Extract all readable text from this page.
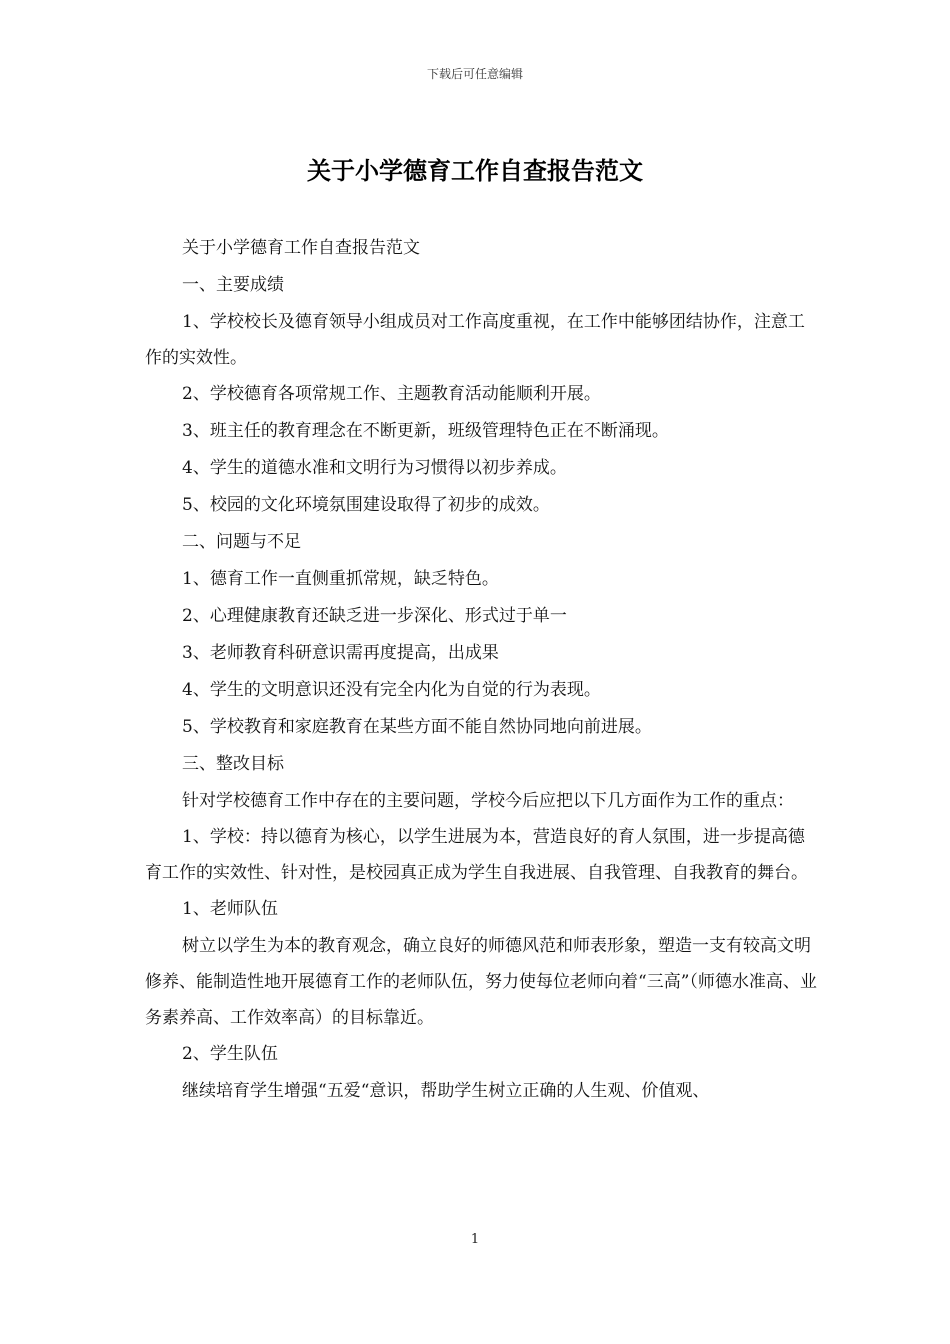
下载后可任意编辑
关于小学德育工作自查报告范文

关于小学德育工作自查报告范文

一、主要成绩

1、学校校长及德育领导小组成员对工作高度重视，在工作中能够团结协作，注意工作的实效性。

2、学校德育各项常规工作、主题教育活动能顺利开展。

3、班主任的教育理念在不断更新，班级管理特色正在不断涌现。

4、学生的道德水准和文明行为习惯得以初步养成。

5、校园的文化环境氛围建设取得了初步的成效。

二、问题与不足

1、德育工作一直侧重抓常规，缺乏特色。

2、心理健康教育还缺乏进一步深化、形式过于单一

3、老师教育科研意识需再度提高，出成果

4、学生的文明意识还没有完全内化为自觉的行为表现。

5、学校教育和家庭教育在某些方面不能自然协同地向前进展。

三、整改目标

针对学校德育工作中存在的主要问题，学校今后应把以下几方面作为工作的重点：

1、学校：持以德育为核心，以学生进展为本，营造良好的育人氛围，进一步提高德育工作的实效性、针对性，是校园真正成为学生自我进展、自我管理、自我教育的舞台。

1、老师队伍

树立以学生为本的教育观念，确立良好的师德风范和师表形象，塑造一支有较高文明修养、能制造性地开展德育工作的老师队伍，努力使每位老师向着“三高”（师德水准高、业务素养高、工作效率高）的目标靠近。

2、学生队伍

继续培育学生增强“五爱“意识，帮助学生树立正确的人生观、价值观、

1
